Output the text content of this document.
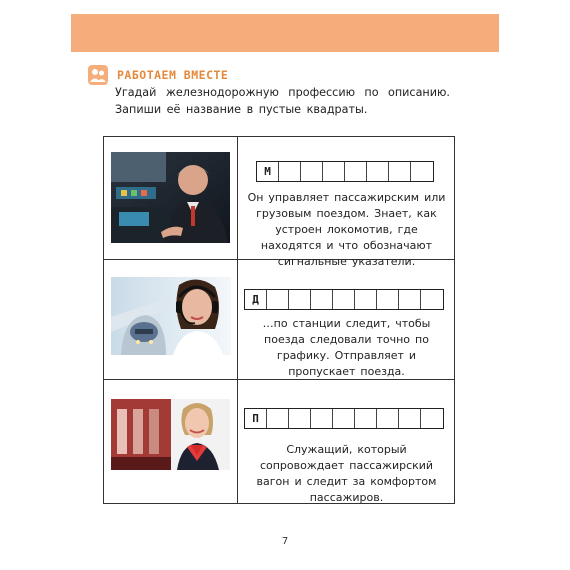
РАБОТАЕМ ВМЕСТЕ

Угадай железнодорожную профессию по описанию. Запиши её название в пустые квадраты.

М

Он управляет пассажирским или грузовым поездом. Знает, как устроен локомотив, где находятся и что обозначают сигнальные указатели.

Д

…по станции следит, чтобы поезда следовали точно по графику. Отправляет и пропускает поезда.

П

Служащий, который сопровождает пассажирский вагон и следит за комфортом пассажиров.

7
